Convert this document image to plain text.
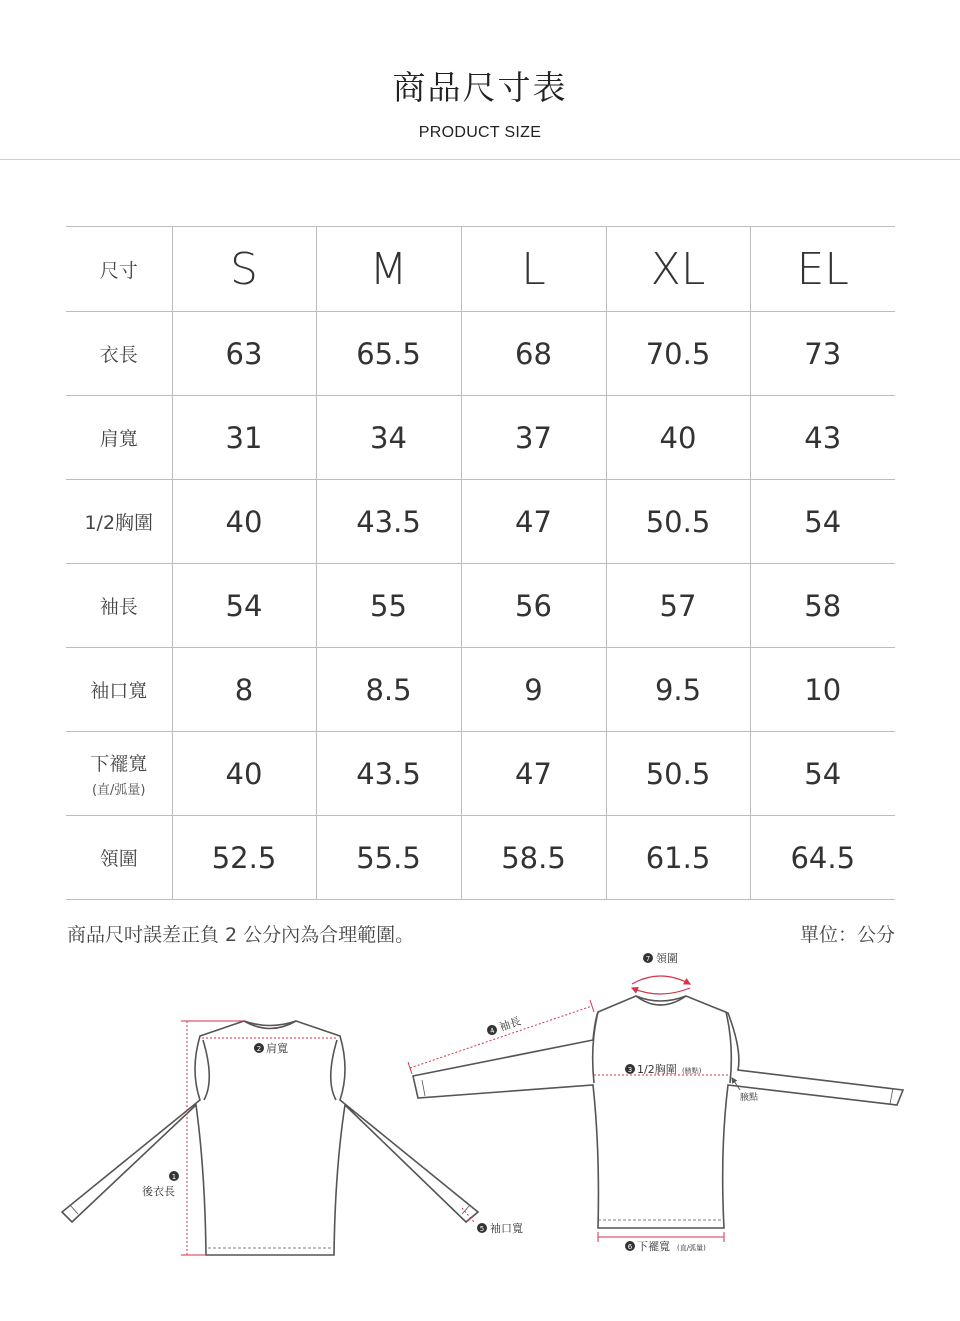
商品尺寸表
PRODUCT SIZE
尺寸	S	M	L	XL	EL

衣長	63	65.5	68	70.5	73

肩寬	31	34	37	40	43

1/2胸圍	40	43.5	47	50.5	54

袖長	54	55	56	57	58

袖口寬	8	8.5	9	9.5	10

下襬寬
(直/弧量)	40	43.5	47	50.5	54

領圍	52.5	55.5	58.5	61.5	64.5
商品尺吋誤差正負 2 公分內為合理範圍。	單位：公分
1
後衣長
2 肩寬
5 袖口寬
7 領圍
4 袖長
3 1/2胸圍 (腋點)
腋點
6 下襬寬 (直/弧量)
